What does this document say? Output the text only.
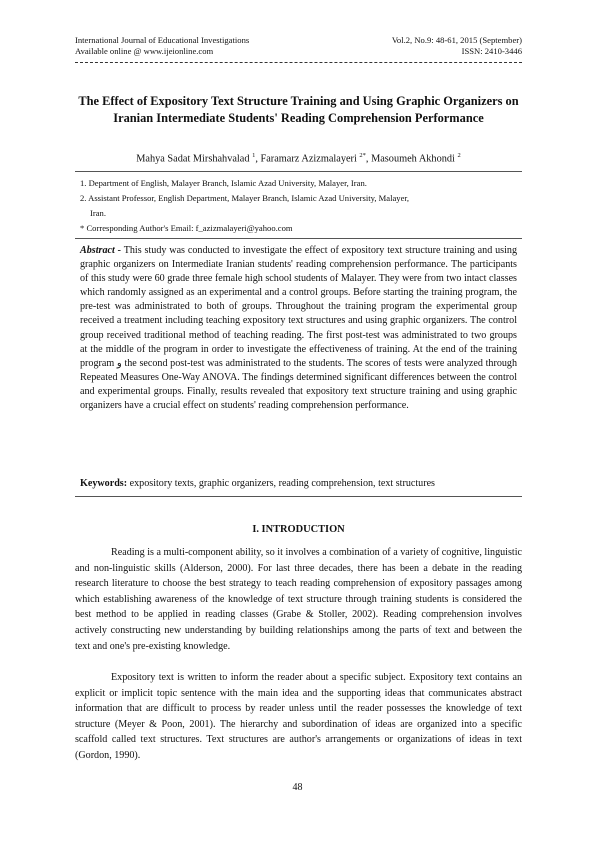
International Journal of Educational Investigations	Vol.2, No.9: 48-61, 2015 (September)
Available online @ www.ijeionline.com	ISSN: 2410-3446
The Effect of Expository Text Structure Training and Using Graphic Organizers on Iranian Intermediate Students' Reading Comprehension Performance
Mahya Sadat Mirshahvalad $^1$, Faramarz Azizmalayeri $^{2*}$, Masoumeh Akhondi $^2$
1. Department of English, Malayer Branch, Islamic Azad University, Malayer, Iran.
2. Assistant Professor, English Department, Malayer Branch, Islamic Azad University, Malayer,
Iran.
* Corresponding Author's Email: f_azizmalayeri@yahoo.com
Abstract - This study was conducted to investigate the effect of expository text structure training and using graphic organizers on Intermediate Iranian students' reading comprehension performance. The participants of this study were 60 grade three female high school students of Malayer. They were from two intact classes which randomly assigned as an experimental and a control groups. Before starting the training program, the pre-test was administrated to both of groups. Throughout the training program the experimental group received a treatment including teaching expository text structures and using graphic organizers. The control group received traditional method of teaching reading. The first post-test was administrated to two groups at the middle of the program in order to investigate the effectiveness of training. At the end of the training program و the second post-test was administrated to the students. The scores of tests were analyzed through Repeated Measures One-Way ANOVA. The findings determined significant differences between the control and experimental groups. Finally, results revealed that expository text structure training and using graphic organizers have a crucial effect on students' reading comprehension performance.
Keywords: expository texts, graphic organizers, reading comprehension, text structures
I. INTRODUCTION
Reading is a multi-component ability, so it involves a combination of a variety of cognitive, linguistic and non-linguistic skills (Alderson, 2000). For last three decades, there has been a debate in the reading research literature to choose the best strategy to teach reading comprehension of expository passages among which establishing awareness of the knowledge of text structure through training students is considered the best method to be applied in reading classes (Grabe & Stoller, 2002). Reading comprehension involves actively constructing new understanding by building relationships among the parts of text and between the text and one's pre-existing knowledge.
Expository text is written to inform the reader about a specific subject. Expository text contains an explicit or implicit topic sentence with the main idea and the supporting ideas that communicates abstract information that are difficult to process by reader unless until the reader possesses the knowledge of text structure (Meyer & Poon, 2001). The hierarchy and subordination of ideas are organized into a specific scaffold called text structures. Text structures are author's arrangements or organizations of ideas in text (Gordon, 1990).
48
